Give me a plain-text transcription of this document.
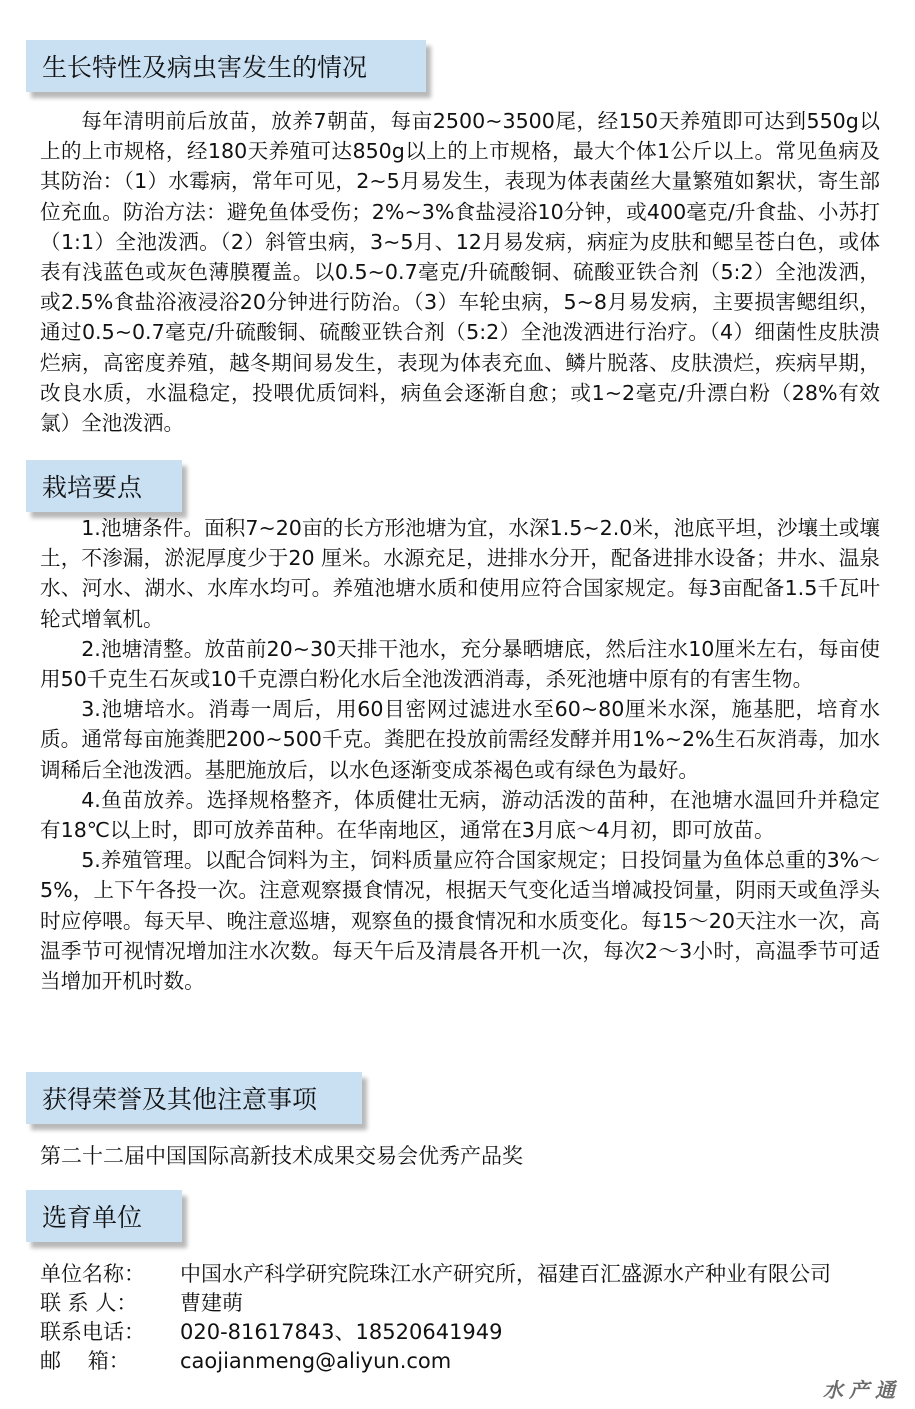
生长特性及病虫害发生的情况

每年清明前后放苗，放养7朝苗，每亩2500~3500尾，经150天养殖即可达到550g以上的上市规格，经180天养殖可达850g以上的上市规格，最大个体1公斤以上。常见鱼病及其防治：（1）水霉病，常年可见，2~5月易发生，表现为体表菌丝大量繁殖如絮状，寄生部位充血。防治方法：避免鱼体受伤；2%~3%食盐浸浴10分钟，或400毫克/升食盐、小苏打（1:1）全池泼洒。（2）斜管虫病，3~5月、12月易发病，病症为皮肤和鳃呈苍白色，或体表有浅蓝色或灰色薄膜覆盖。以0.5~0.7毫克/升硫酸铜、硫酸亚铁合剂（5:2）全池泼洒，或2.5%食盐浴液浸浴20分钟进行防治。（3）车轮虫病，5~8月易发病，主要损害鳃组织，通过0.5~0.7毫克/升硫酸铜、硫酸亚铁合剂（5:2）全池泼洒进行治疗。（4）细菌性皮肤溃烂病，高密度养殖，越冬期间易发生，表现为体表充血、鳞片脱落、皮肤溃烂，疾病早期，改良水质，水温稳定，投喂优质饲料，病鱼会逐渐自愈；或1~2毫克/升漂白粉（28%有效氯）全池泼洒。

栽培要点

1.池塘条件。面积7~20亩的长方形池塘为宜，水深1.5~2.0米，池底平坦，沙壤土或壤土，不渗漏，淤泥厚度少于20 厘米。水源充足，进排水分开，配备进排水设备；井水、温泉水、河水、湖水、水库水均可。养殖池塘水质和使用应符合国家规定。每3亩配备1.5千瓦叶轮式增氧机。

2.池塘清整。放苗前20~30天排干池水，充分暴晒塘底，然后注水10厘米左右，每亩使用50千克生石灰或10千克漂白粉化水后全池泼洒消毒，杀死池塘中原有的有害生物。

3.池塘培水。消毒一周后，用60目密网过滤进水至60~80厘米水深，施基肥，培育水质。通常每亩施粪肥200~500千克。粪肥在投放前需经发酵并用1%~2%生石灰消毒，加水调稀后全池泼洒。基肥施放后，以水色逐渐变成茶褐色或有绿色为最好。

4.鱼苗放养。选择规格整齐，体质健壮无病，游动活泼的苗种，在池塘水温回升并稳定有18℃以上时，即可放养苗种。在华南地区，通常在3月底～4月初，即可放苗。

5.养殖管理。以配合饲料为主，饲料质量应符合国家规定；日投饲量为鱼体总重的3%～5%，上下午各投一次。注意观察摄食情况，根据天气变化适当增减投饲量，阴雨天或鱼浮头时应停喂。每天早、晚注意巡塘，观察鱼的摄食情况和水质变化。每15～20天注水一次，高温季节可视情况增加注水次数。每天午后及清晨各开机一次，每次2～3小时，高温季节可适当增加开机时数。

获得荣誉及其他注意事项
第二十二届中国国际高新技术成果交易会优秀产品奖
选育单位
单位名称：	中国水产科学研究院珠江水产研究所，福建百汇盛源水产种业有限公司
联 系 人：	曹建萌
联系电话：	020-81617843、18520641949
邮    箱：	caojianmeng@aliyun.com
水产通
